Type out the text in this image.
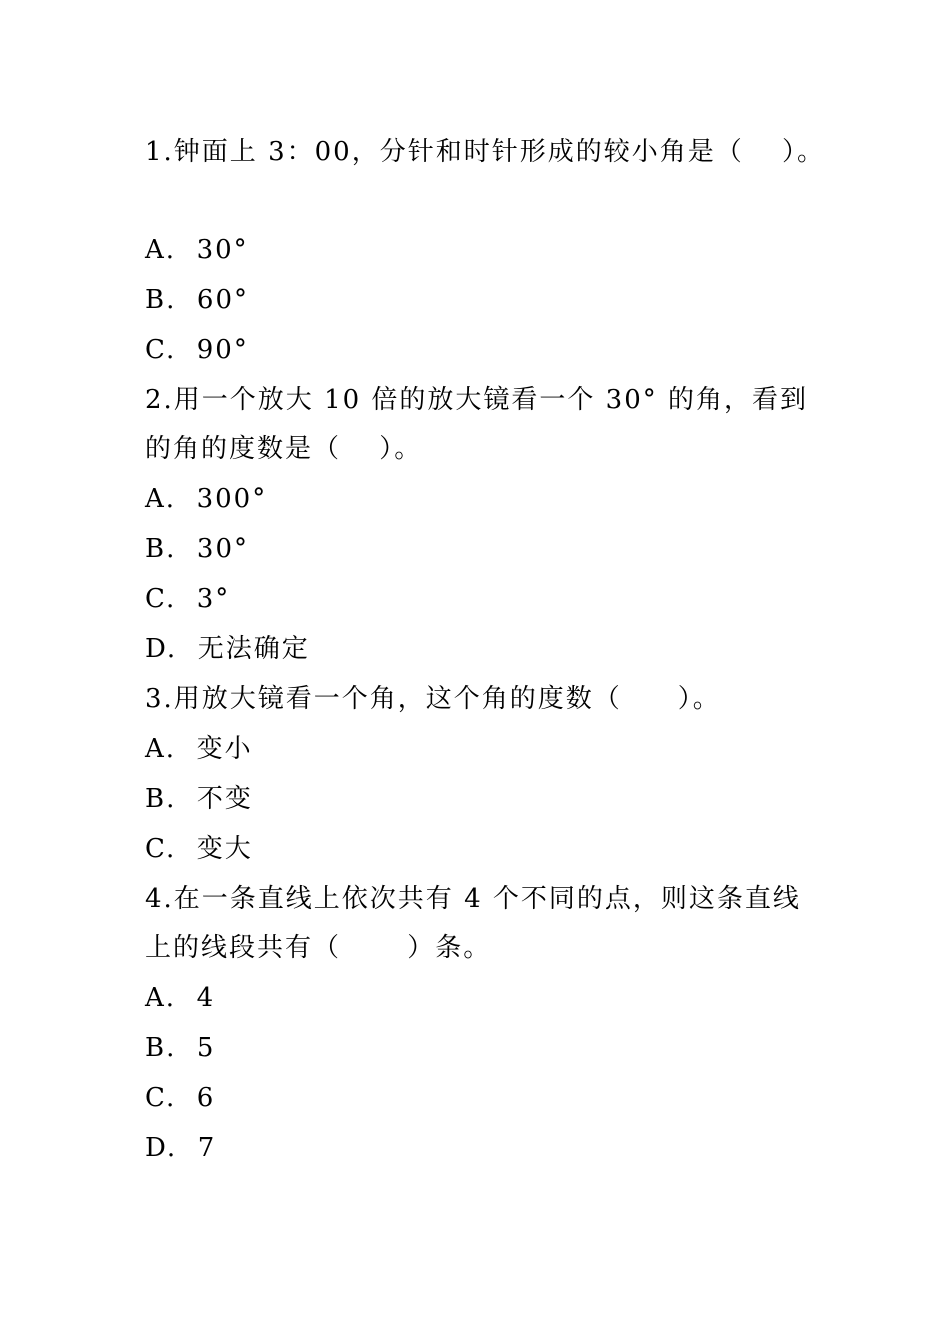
1.钟面上 3：00，分针和时针形成的较小角是（　 ）。
A.  30°
B.  60°
C.  90°
2.用一个放大 10 倍的放大镜看一个 30° 的角，看到
的角的度数是（　 ）。
A.  300°
B.  30°
C.  3°
D.  无法确定
3.用放大镜看一个角，这个角的度数（　　）。
A.  变小
B.  不变
C.  变大
4.在一条直线上依次共有 4 个不同的点，则这条直线
上的线段共有（　　 ）条。
A.  4
B.  5
C.  6
D.  7
